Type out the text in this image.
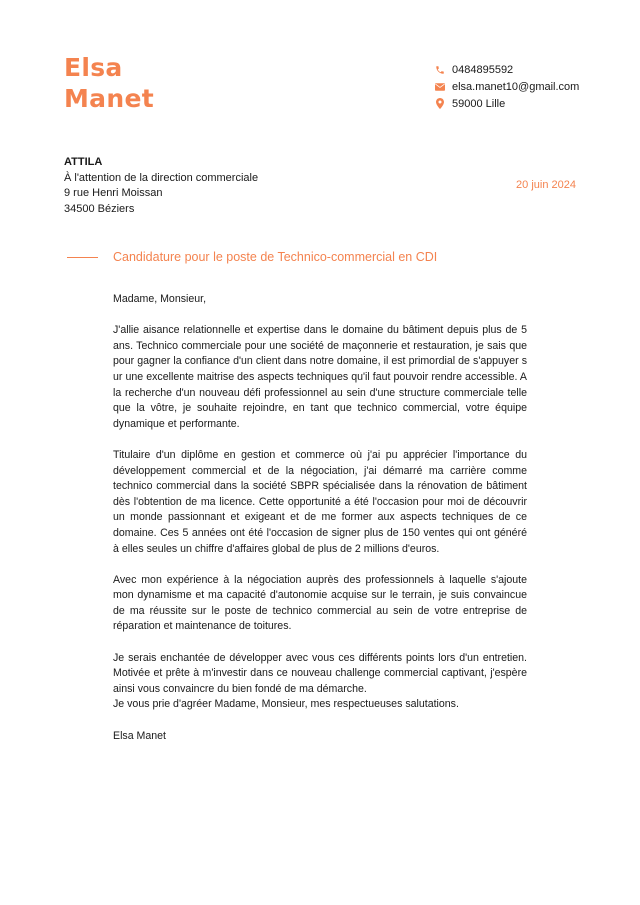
Elsa
Manet
0484895592
elsa.manet10@gmail.com
59000 Lille
ATTILA
À l'attention de la direction commerciale
9 rue Henri Moissan
34500 Béziers
20 juin 2024
Candidature pour le poste de Technico-commercial en CDI

Madame, Monsieur,

J'allie aisance relationnelle et expertise dans le domaine du bâtiment depuis plus de 5 ans. Technico commerciale pour une société de maçonnerie et restauration, je sais que pour gagner la confiance d'un client dans notre domaine, il est primordial de s'appuyer s ur une excellente maitrise des aspects techniques qu'il faut pouvoir rendre accessible. A la recherche d'un nouveau défi professionnel au sein d'une structure commerciale telle que la vôtre, je souhaite rejoindre, en tant que technico commercial, votre équipe dynamique et performante.

Titulaire d'un diplôme en gestion et commerce où j'ai pu apprécier l'importance du développement commercial et de la négociation, j'ai démarré ma carrière comme technico commercial dans la société SBPR spécialisée dans la rénovation de bâtiment dès l'obtention de ma licence. Cette opportunité a été l'occasion pour moi de découvrir un monde passionnant et exigeant et de me former aux aspects techniques de ce domaine. Ces 5 années ont été l'occasion de signer plus de 150 ventes qui ont généré à elles seules un chiffre d'affaires global de plus de 2 millions d'euros.

Avec mon expérience à la négociation auprès des professionnels à laquelle s'ajoute mon dynamisme et ma capacité d'autonomie acquise sur le terrain, je suis convaincue de ma réussite sur le poste de technico commercial au sein de votre entreprise de réparation et maintenance de toitures.

Je serais enchantée de développer avec vous ces différents points lors d'un entretien. Motivée et prête à m'investir dans ce nouveau challenge commercial captivant, j'espère ainsi vous convaincre du bien fondé de ma démarche.

Je vous prie d'agréer Madame, Monsieur, mes respectueuses salutations.

Elsa Manet
